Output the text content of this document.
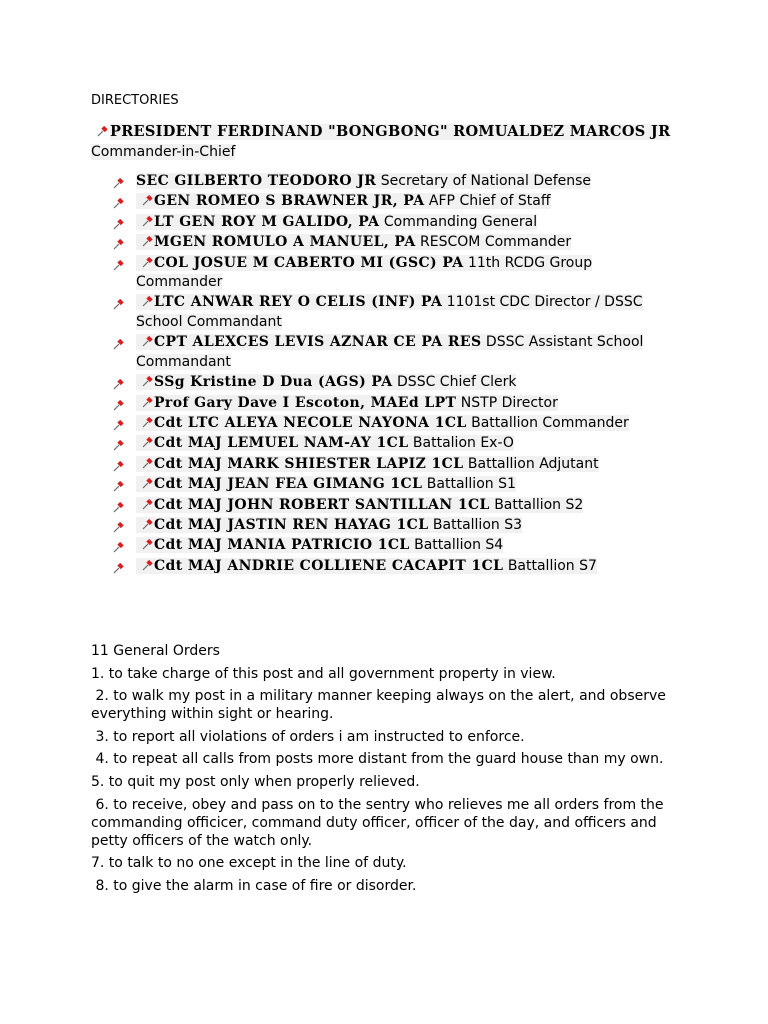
DIRECTORIES
PRESIDENT FERDINAND "BONGBONG" ROMUALDEZ MARCOS JR Commander-in-Chief
SEC GILBERTO TEODORO JR Secretary of National Defense
GEN ROMEO S BRAWNER JR, PA AFP Chief of Staff
LT GEN ROY M GALIDO, PA Commanding General
MGEN ROMULO A MANUEL, PA RESCOM Commander
COL JOSUE M CABERTO MI (GSC) PA 11th RCDG Group Commander
LTC ANWAR REY O CELIS (INF) PA 1101st CDC Director / DSSC School Commandant
CPT ALEXCES LEVIS AZNAR CE PA RES DSSC Assistant School Commandant
SSg Kristine D Dua (AGS) PA DSSC Chief Clerk
Prof Gary Dave I Escoton, MAEd LPT NSTP Director
Cdt LTC ALEYA NECOLE NAYONA 1CL Battallion Commander
Cdt MAJ LEMUEL NAM-AY 1CL Battalion Ex-O
Cdt MAJ MARK SHIESTER LAPIZ 1CL Battallion Adjutant
Cdt MAJ JEAN FEA GIMANG 1CL Battallion S1
Cdt MAJ JOHN ROBERT SANTILLAN 1CL Battallion S2
Cdt MAJ JASTIN REN HAYAG 1CL Battallion S3
Cdt MAJ MANIA PATRICIO 1CL Battallion S4
Cdt MAJ ANDRIE COLLIENE CACAPIT 1CL Battallion S7

11 General Orders

1. to take charge of this post and all government property in view.

2. to walk my post in a military manner keeping always on the alert, and observe everything within sight or hearing.

3. to report all violations of orders i am instructed to enforce.

4. to repeat all calls from posts more distant from the guard house than my own.

5. to quit my post only when properly relieved.

6. to receive, obey and pass on to the sentry who relieves me all orders from the commanding officicer, command duty officer, officer of the day, and officers and petty officers of the watch only.

7. to talk to no one except in the line of duty.

8. to give the alarm in case of fire or disorder.
